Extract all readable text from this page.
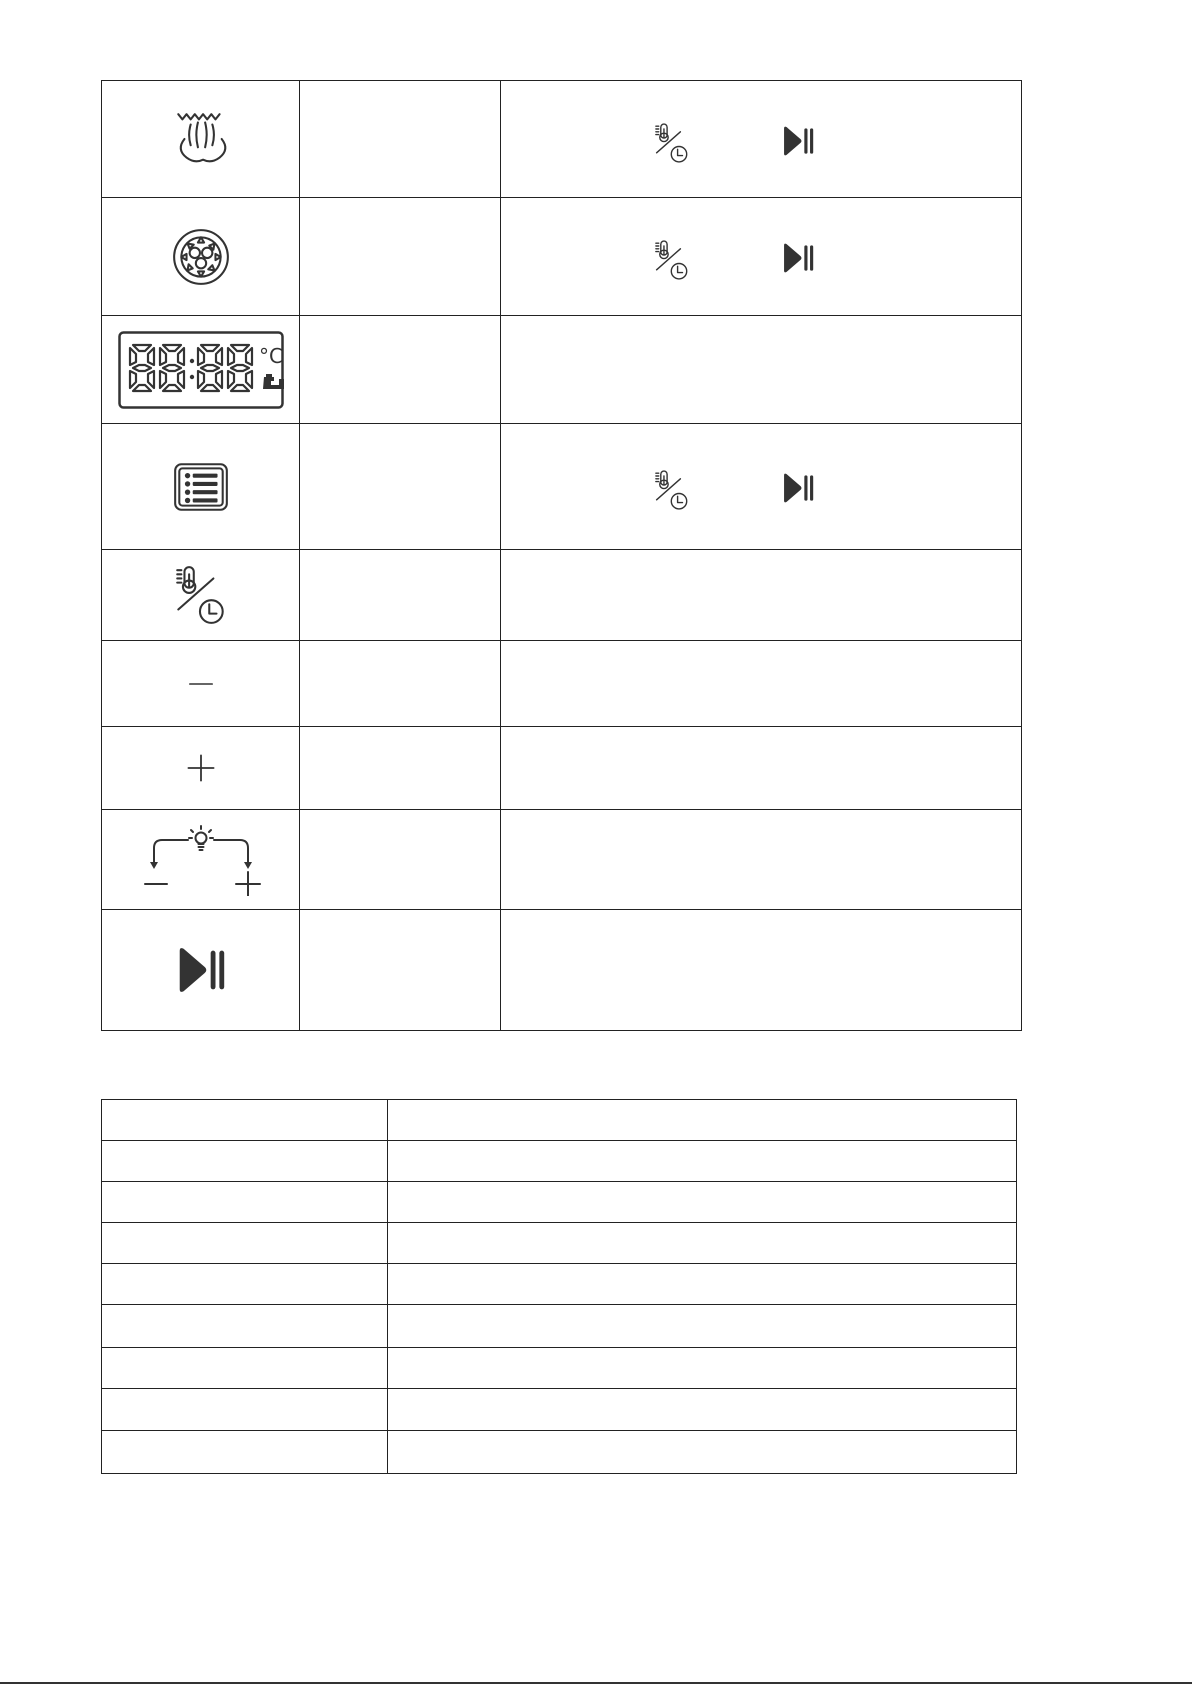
°C
